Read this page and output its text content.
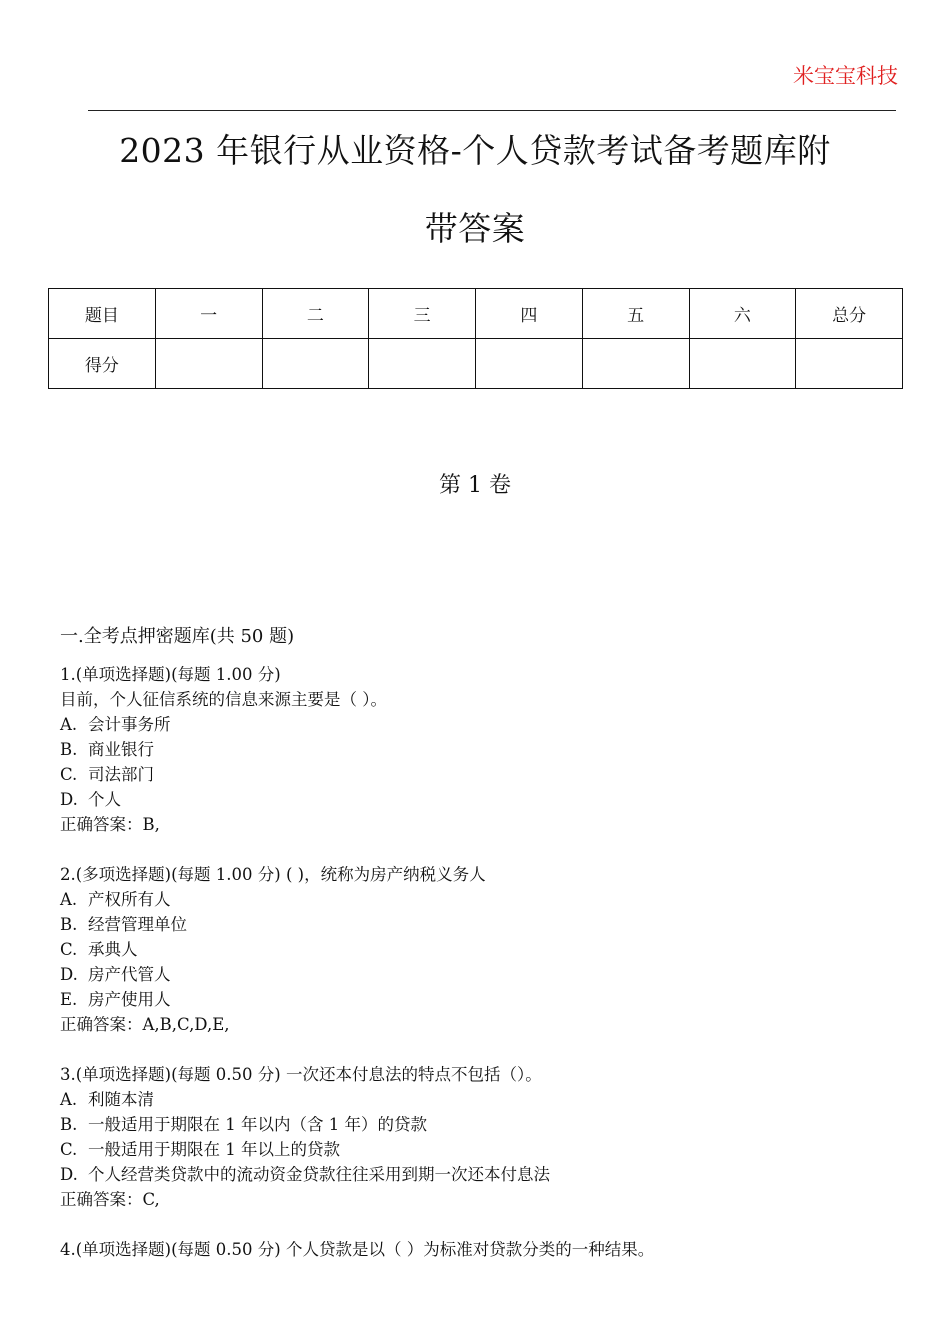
米宝宝科技
2023 年银行从业资格-个人贷款考试备考题库附
带答案
题目	一	二	三	四	五	六	总分
得分							
第 1 卷
一.全考点押密题库(共 50 题)
1.(单项选择题)(每题 1.00 分)
目前，个人征信系统的信息来源主要是（ ）。
A. 会计事务所
B. 商业银行
C. 司法部门
D. 个人
正确答案：B,
2.(多项选择题)(每题 1.00 分) ( )，统称为房产纳税义务人
A. 产权所有人
B. 经营管理单位
C. 承典人
D. 房产代管人
E. 房产使用人
正确答案：A,B,C,D,E,
3.(单项选择题)(每题 0.50 分) 一次还本付息法的特点不包括（）。
A. 利随本清
B. 一般适用于期限在 1 年以内（含 1 年）的贷款
C. 一般适用于期限在 1 年以上的贷款
D. 个人经营类贷款中的流动资金贷款往往采用到期一次还本付息法
正确答案：C,
4.(单项选择题)(每题 0.50 分) 个人贷款是以（ ）为标准对贷款分类的一种结果。
